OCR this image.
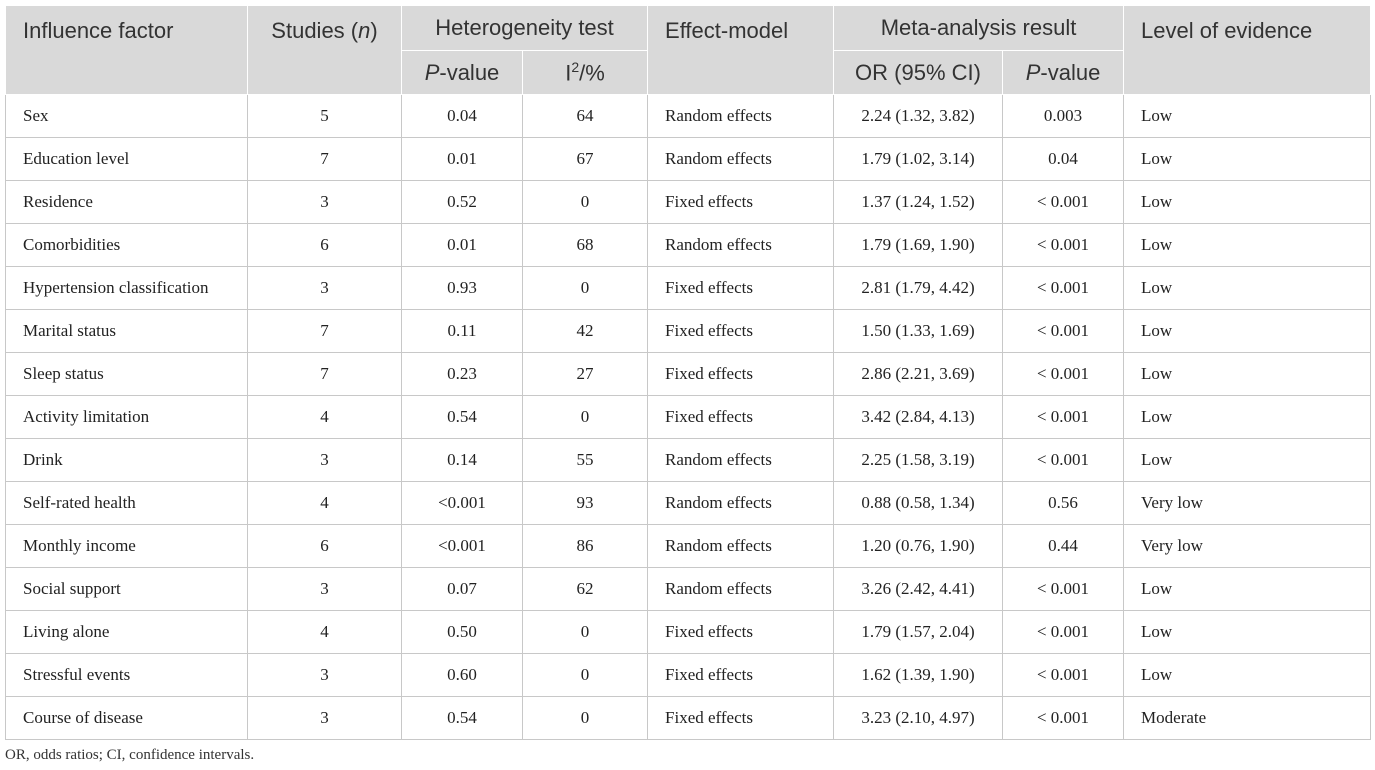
Influence factor	Studies (n)	Heterogeneity test		Effect-model	Meta-analysis result		Level of evidence
		P-value	$I^2/\%$		OR (95% CI)	P-value	
Sex	5	0.04	64	Random effects	2.24 (1.32, 3.82)	0.003	Low
Education level	7	0.01	67	Random effects	1.79 (1.02, 3.14)	0.04	Low
Residence	3	0.52	0	Fixed effects	1.37 (1.24, 1.52)	< 0.001	Low
Comorbidities	6	0.01	68	Random effects	1.79 (1.69, 1.90)	< 0.001	Low
Hypertension classification	3	0.93	0	Fixed effects	2.81 (1.79, 4.42)	< 0.001	Low
Marital status	7	0.11	42	Fixed effects	1.50 (1.33, 1.69)	< 0.001	Low
Sleep status	7	0.23	27	Fixed effects	2.86 (2.21, 3.69)	< 0.001	Low
Activity limitation	4	0.54	0	Fixed effects	3.42 (2.84, 4.13)	< 0.001	Low
Drink	3	0.14	55	Random effects	2.25 (1.58, 3.19)	< 0.001	Low
Self-rated health	4	<0.001	93	Random effects	0.88 (0.58, 1.34)	0.56	Very low
Monthly income	6	<0.001	86	Random effects	1.20 (0.76, 1.90)	0.44	Very low
Social support	3	0.07	62	Random effects	3.26 (2.42, 4.41)	< 0.001	Low
Living alone	4	0.50	0	Fixed effects	1.79 (1.57, 2.04)	< 0.001	Low
Stressful events	3	0.60	0	Fixed effects	1.62 (1.39, 1.90)	< 0.001	Low
Course of disease	3	0.54	0	Fixed effects	3.23 (2.10, 4.97)	< 0.001	Moderate
OR, odds ratios; CI, confidence intervals.
